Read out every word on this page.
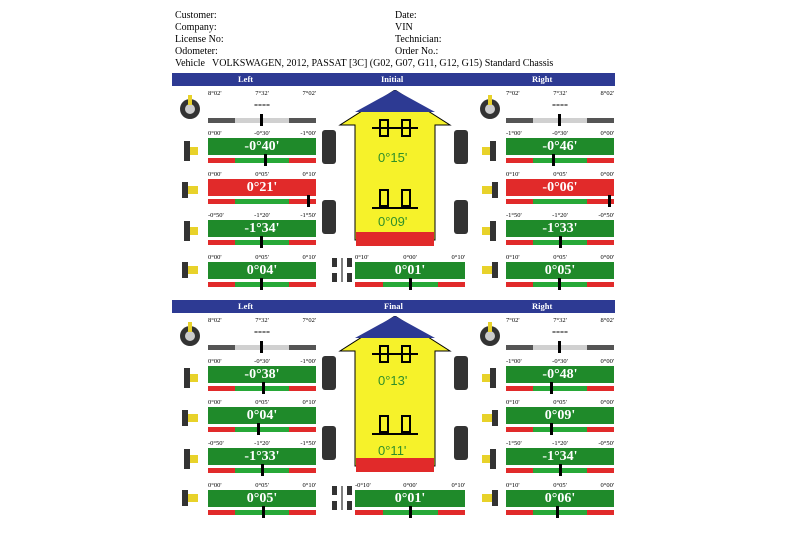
Customer:
Company:
License No:
Odometer:
Vehicle VOLKSWAGEN, 2012, PASSAT [3C] (G02, G07, G11, G12, G15) Standard Chassis
Date:
VIN
Technician:
Order No.:
Left	Initial	Right
Left	Final	Right
8°02'	7°32'	7°02'
----
0°00'	-0°30'	-1°00'
-0°40'
0°00'	0°05'	0°10'
0°21'
-0°50'	-1°20'	-1°50'
-1°34'
0°00'	0°05'	0°10'
0°04'
7°02'	7°32'	8°02'
----
-1°00'	-0°30'	0°00'
-0°46'
0°10'	0°05'	0°00'
-0°06'
-1°50'	-1°20'	-0°50'
-1°33'
0°10'	0°05'	0°00'
0°05'
0°10'	0°00'	0°10'
0°01'
0°15'
0°09'
8°02'	7°32'	7°02'
----
0°00'	-0°30'	-1°00'
-0°38'
0°00'	0°05'	0°10'
0°04'
-0°50'	-1°20'	-1°50'
-1°33'
0°00'	0°05'	0°10'
0°05'
7°02'	7°32'	8°02'
----
-1°00'	-0°30'	0°00'
-0°48'
0°10'	0°05'	0°00'
0°09'
-1°50'	-1°20'	-0°50'
-1°34'
0°10'	0°05'	0°00'
0°06'
-0°10'	0°00'	0°10'
0°01'
0°13'
0°11'
